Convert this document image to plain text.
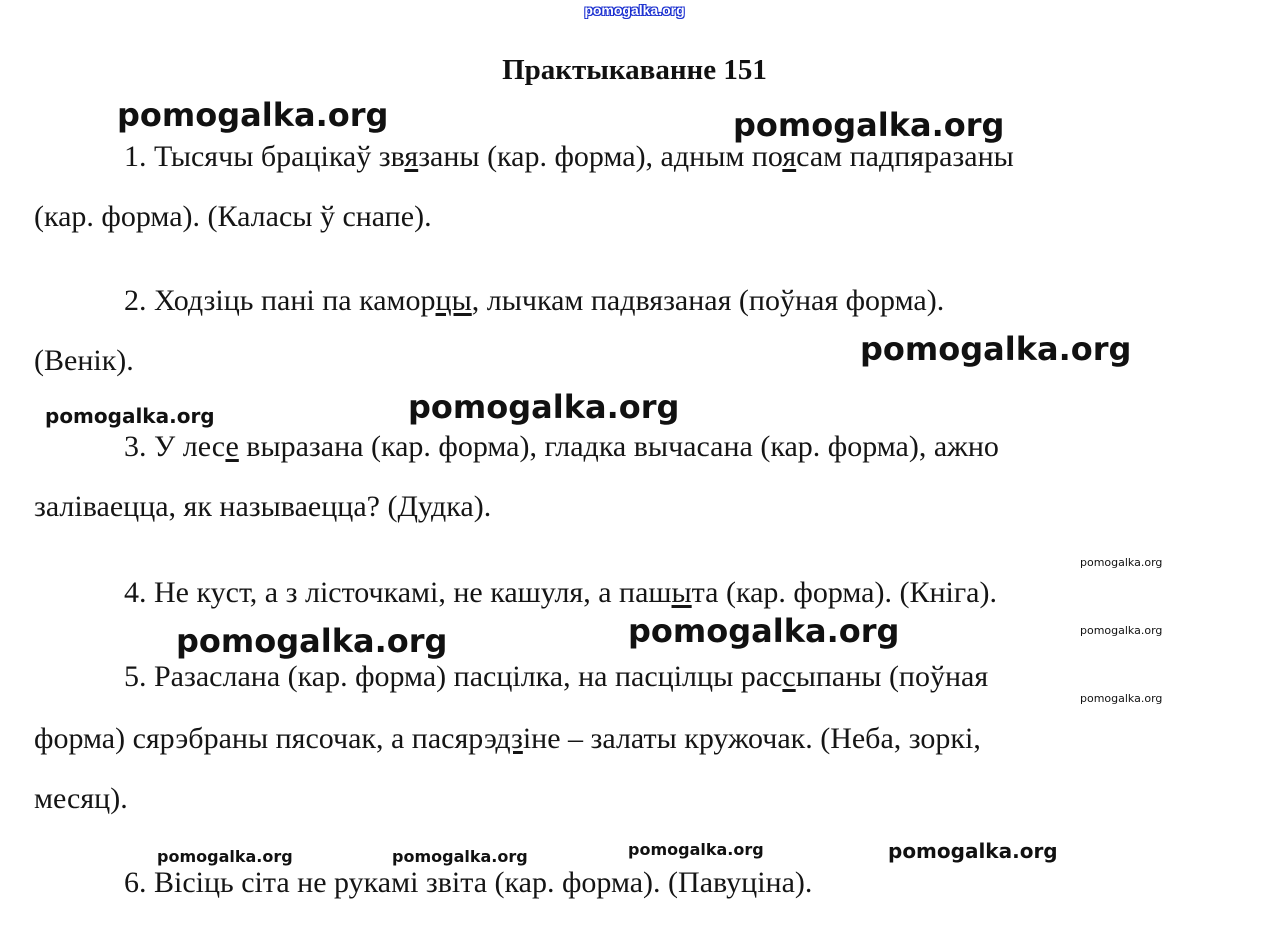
pomogalka.org
Практыкаванне 151
1. Тысячы брацікаў звязаны (кар. форма), адным поясам падпяразаны
(кар. форма). (Каласы ў снапе).
2. Ходзіць пані па каморцы, лычкам падвязаная (поўная форма).
(Венік).
3. У лесе выразана (кар. форма), гладка вычасана (кар. форма), ажно
заліваецца, як называецца? (Дудка).
4. Не куст, а з лісточкамі, не кашуля, а пашыта (кар. форма). (Кніга).
5. Разаслана (кар. форма) пасцілка, на пасцілцы рассыпаны (поўная
форма) сярэбраны пясочак, а пасярэдзіне – залаты кружочак. (Неба, зоркі,
месяц).
6. Вісіць сіта не рукамі звіта (кар. форма). (Павуціна).
pomogalka.org	pomogalka.org
pomogalka.org
pomogalka.org
pomogalka.org
pomogalka.org
pomogalka.org
pomogalka.org	pomogalka.org
pomogalka.org
pomogalka.org	pomogalka.org
pomogalka.org	pomogalka.org
